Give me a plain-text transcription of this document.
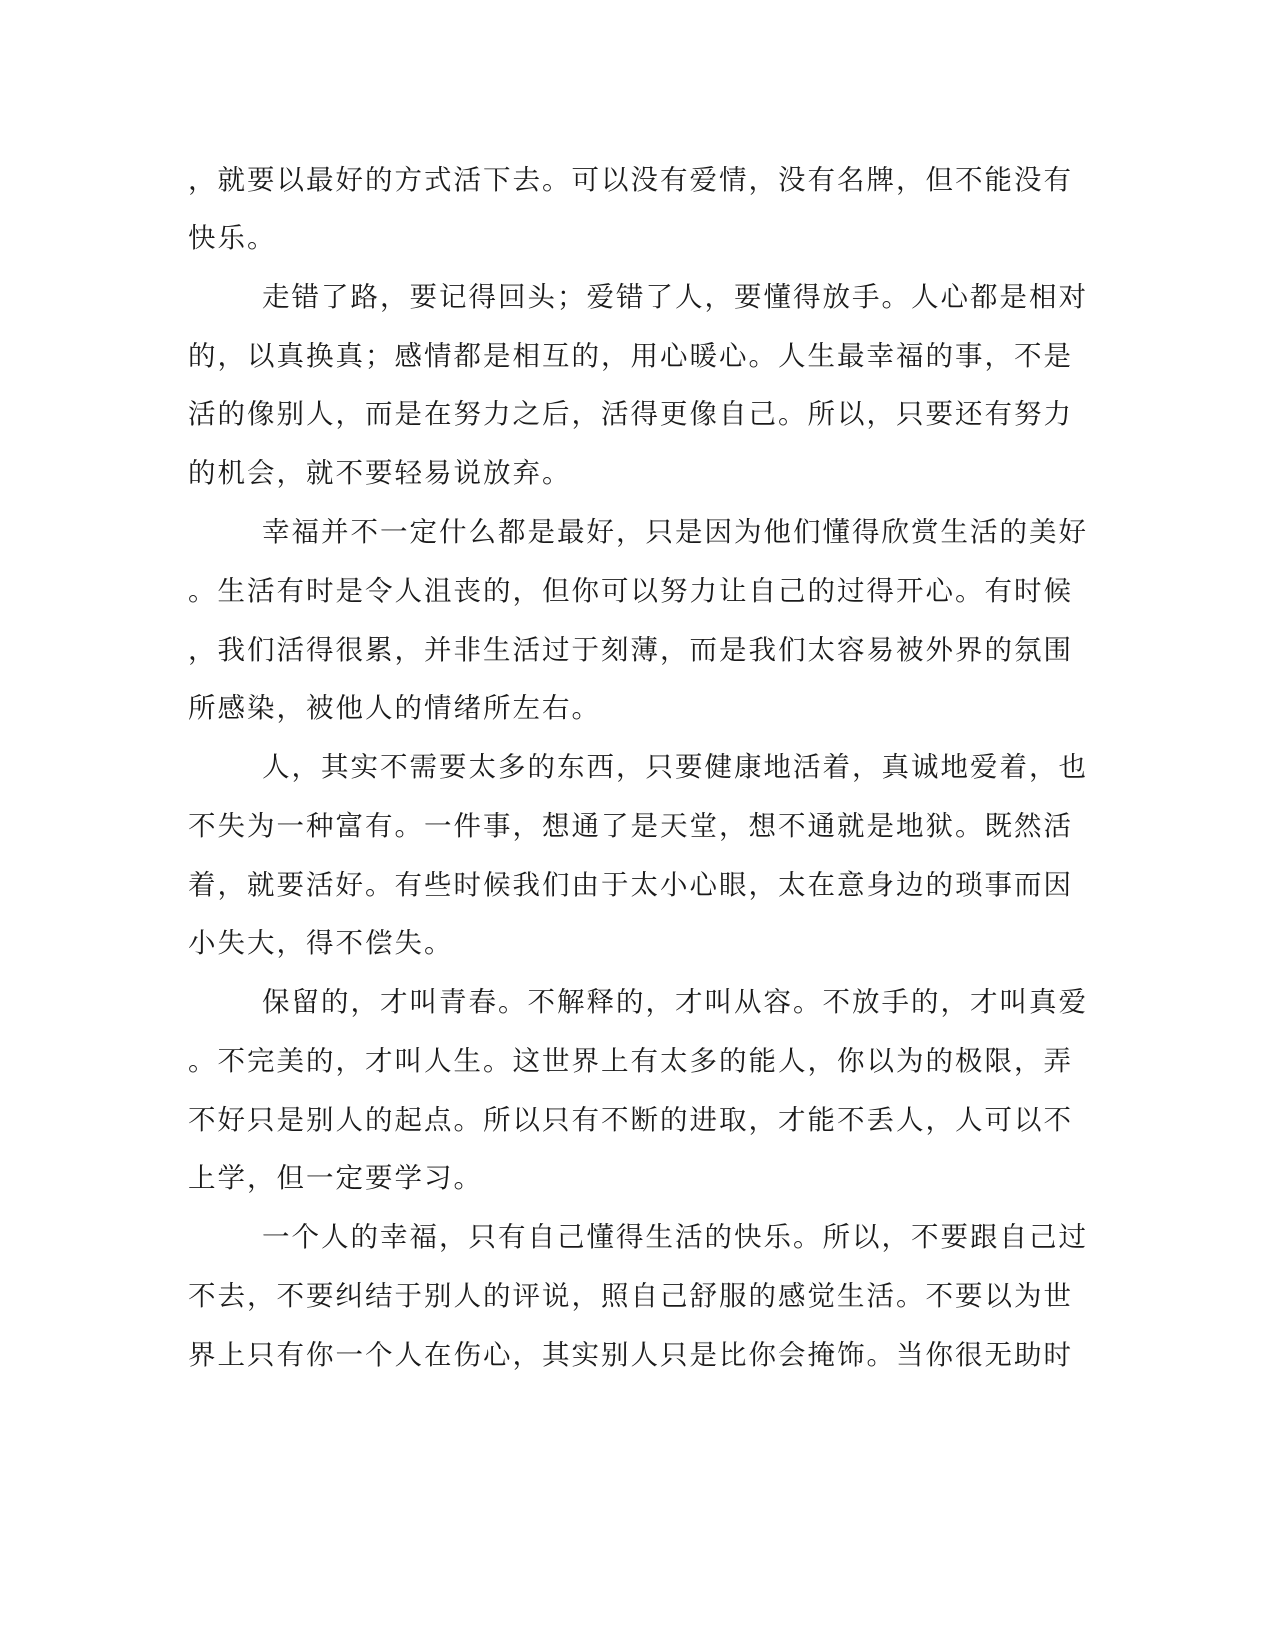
，就要以最好的方式活下去。可以没有爱情，没有名牌，但不能没有
快乐。
走错了路，要记得回头；爱错了人，要懂得放手。人心都是相对
的，以真换真；感情都是相互的，用心暖心。人生最幸福的事，不是
活的像别人，而是在努力之后，活得更像自己。所以，只要还有努力
的机会，就不要轻易说放弃。
幸福并不一定什么都是最好，只是因为他们懂得欣赏生活的美好
。生活有时是令人沮丧的，但你可以努力让自己的过得开心。有时候
，我们活得很累，并非生活过于刻薄，而是我们太容易被外界的氛围
所感染，被他人的情绪所左右。
人，其实不需要太多的东西，只要健康地活着，真诚地爱着，也
不失为一种富有。一件事，想通了是天堂，想不通就是地狱。既然活
着，就要活好。有些时候我们由于太小心眼，太在意身边的琐事而因
小失大，得不偿失。
保留的，才叫青春。不解释的，才叫从容。不放手的，才叫真爱
。不完美的，才叫人生。这世界上有太多的能人，你以为的极限，弄
不好只是别人的起点。所以只有不断的进取，才能不丢人，人可以不
上学，但一定要学习。
一个人的幸福，只有自己懂得生活的快乐。所以，不要跟自己过
不去，不要纠结于别人的评说，照自己舒服的感觉生活。不要以为世
界上只有你一个人在伤心，其实别人只是比你会掩饰。当你很无助时
